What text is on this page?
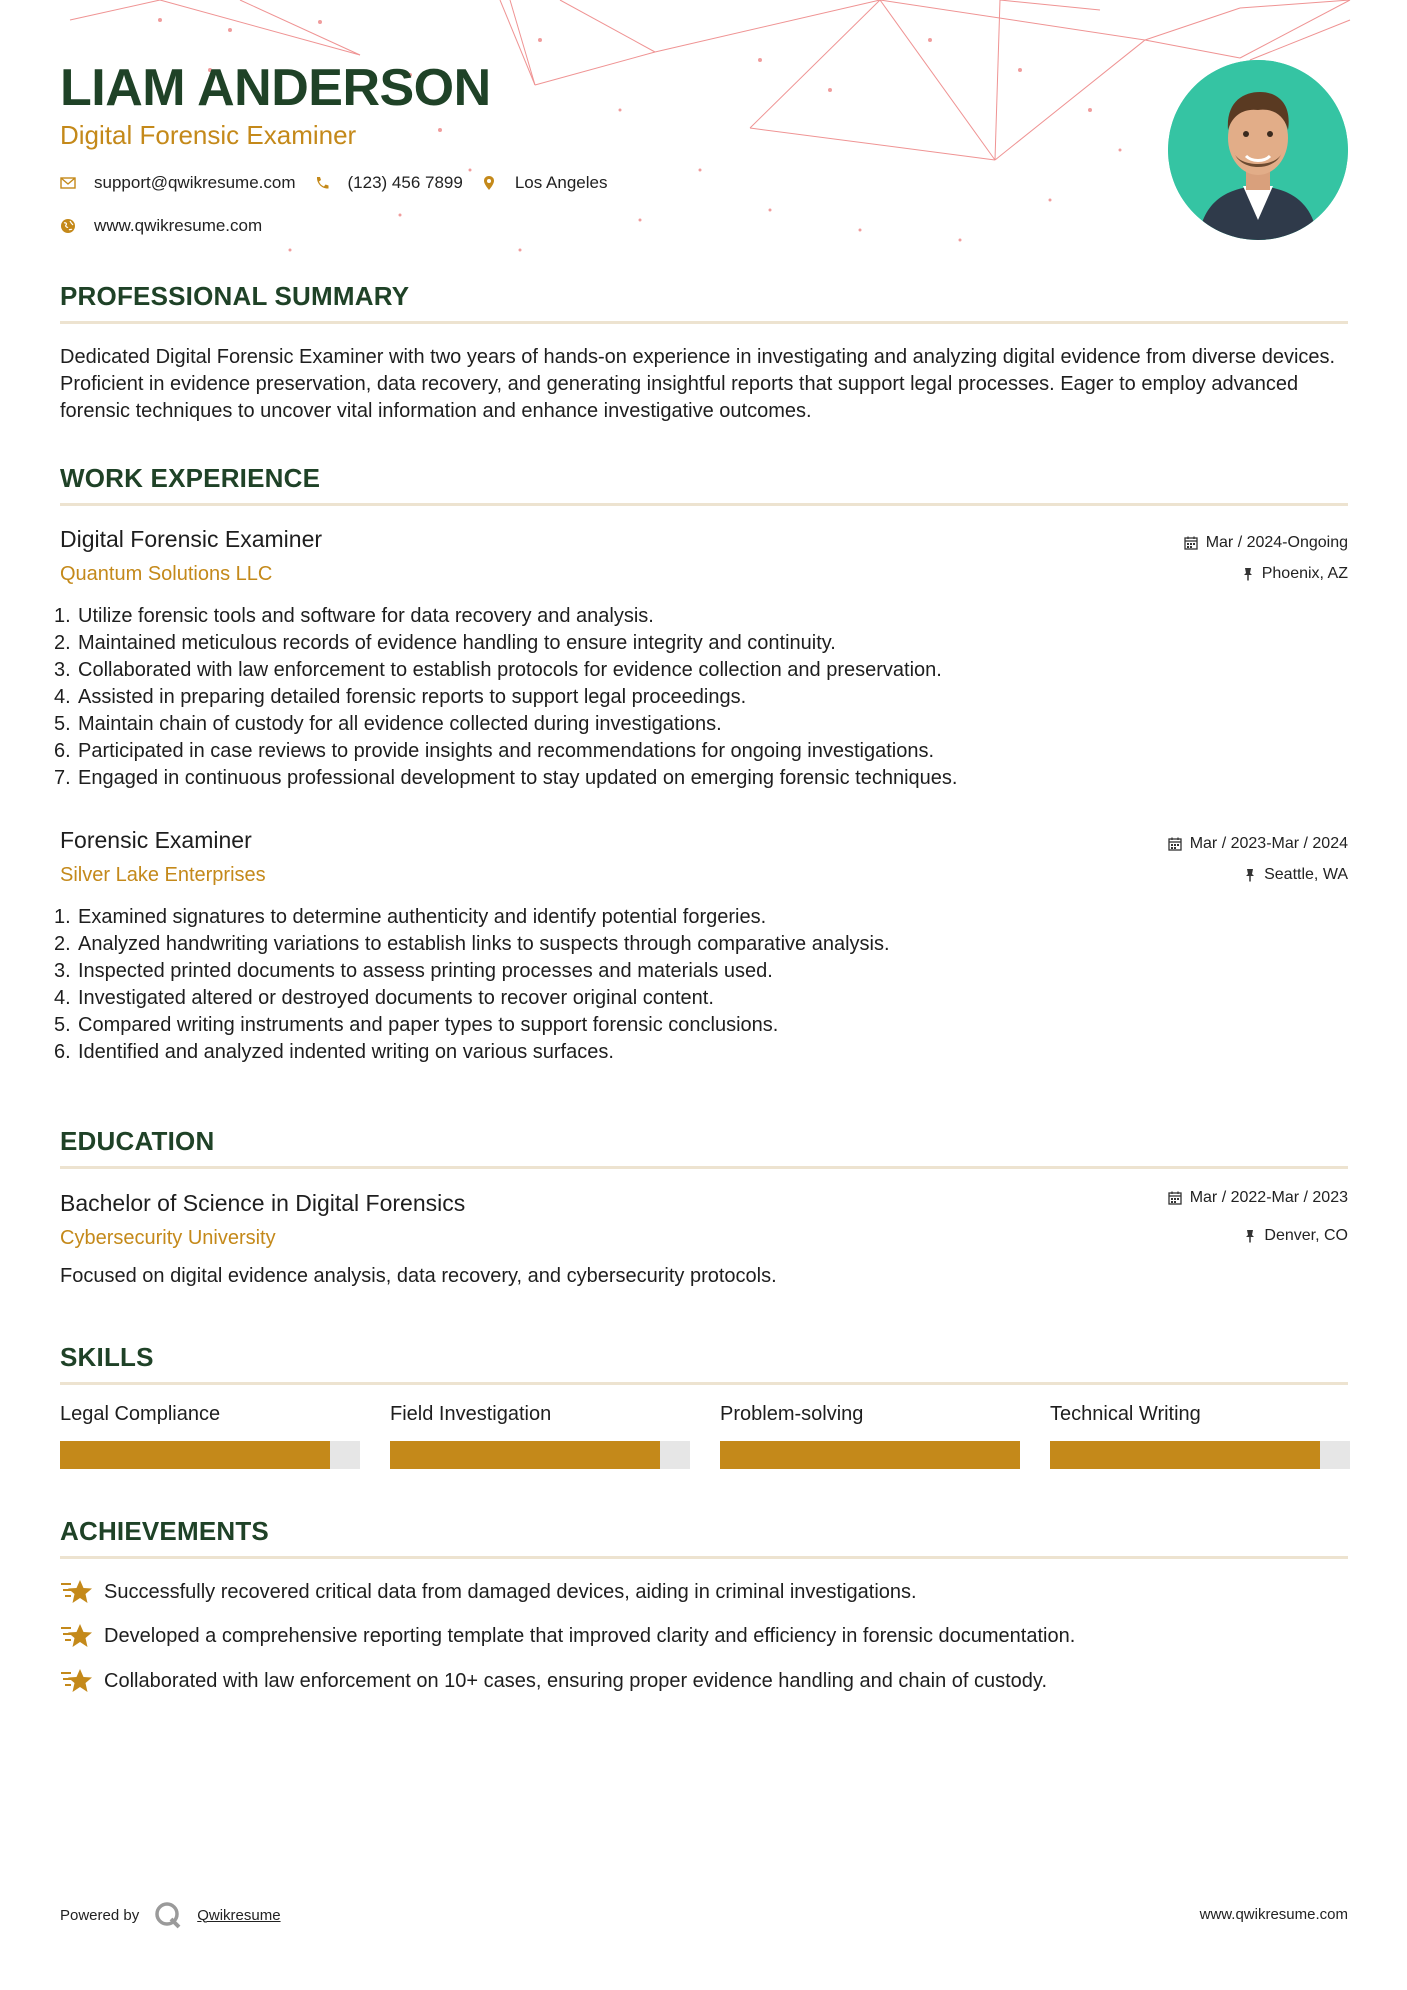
LIAM ANDERSON
Digital Forensic Examiner
support@qwikresume.com	(123) 456 7899	Los Angeles
www.qwikresume.com
PROFESSIONAL SUMMARY
Dedicated Digital Forensic Examiner with two years of hands-on experience in investigating and analyzing digital evidence from diverse devices. Proficient in evidence preservation, data recovery, and generating insightful reports that support legal processes. Eager to employ advanced forensic techniques to uncover vital information and enhance investigative outcomes.
WORK EXPERIENCE
Digital Forensic Examiner
Quantum Solutions LLC
Mar / 2024-Ongoing
Phoenix, AZ
1. Utilize forensic tools and software for data recovery and analysis.
2. Maintained meticulous records of evidence handling to ensure integrity and continuity.
3. Collaborated with law enforcement to establish protocols for evidence collection and preservation.
4. Assisted in preparing detailed forensic reports to support legal proceedings.
5. Maintain chain of custody for all evidence collected during investigations.
6. Participated in case reviews to provide insights and recommendations for ongoing investigations.
7. Engaged in continuous professional development to stay updated on emerging forensic techniques.
Forensic Examiner
Silver Lake Enterprises
Mar / 2023-Mar / 2024
Seattle, WA
1. Examined signatures to determine authenticity and identify potential forgeries.
2. Analyzed handwriting variations to establish links to suspects through comparative analysis.
3. Inspected printed documents to assess printing processes and materials used.
4. Investigated altered or destroyed documents to recover original content.
5. Compared writing instruments and paper types to support forensic conclusions.
6. Identified and analyzed indented writing on various surfaces.
EDUCATION
Bachelor of Science in Digital Forensics
Cybersecurity University
Mar / 2022-Mar / 2023
Denver, CO
Focused on digital evidence analysis, data recovery, and cybersecurity protocols.
SKILLS
Legal Compliance	Field Investigation	Problem-solving	Technical Writing
ACHIEVEMENTS
Successfully recovered critical data from damaged devices, aiding in criminal investigations.
Developed a comprehensive reporting template that improved clarity and efficiency in forensic documentation.
Collaborated with law enforcement on 10+ cases, ensuring proper evidence handling and chain of custody.
Powered by	Qwikresume	www.qwikresume.com
